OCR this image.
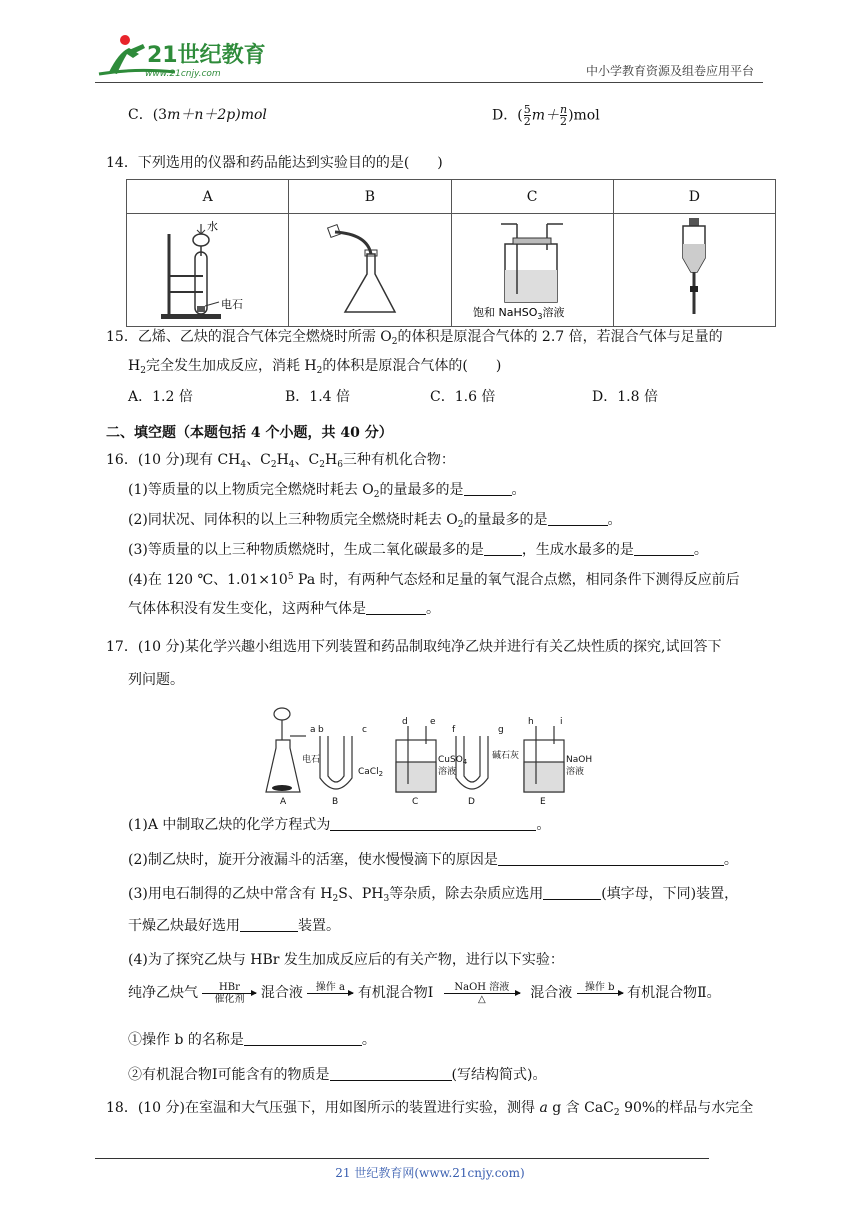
21世纪教育
www.21cnjy.com	中小学教育资源及组卷应用平台
C．(3m＋n＋2p)mol	D．( $\frac{5}{2} m+ \frac{n}{2} )mol$
14．下列选用的仪器和药品能达到实验目的的是(　　)
A	B	C	D

水
电石		饱和 NaHSO$_3$溶液

15．乙烯、乙炔的混合气体完全燃烧时所需 $O_2$的体积是原混合气体的 2.7 倍，若混合气体与足量的
$H_2$完全发生加成反应，消耗 $H_2$的体积是原混合气体的(　　)
A．1.2 倍	B．1.4 倍	C．1.6 倍	D．1.8 倍
二、填空题（本题包括 4 个小题，共 40 分）
16．(10 分)现有 $CH_4$、$C_2H_4$、$C_2H_6$三种有机化合物：
(1)等质量的以上物质完全燃烧时耗去 $O_2$的量最多的是	。
(2)同状况、同体积的以上三种物质完全燃烧时耗去 $O_2$的量最多的是	。
(3)等质量的以上三种物质燃烧时，生成二氧化碳最多的是	，生成水最多的是	。
(4)在 120 ℃、$1.01\times 10^5$ Pa 时，有两种气态烃和足量的氧气混合点燃，相同条件下测得反应前后
气体体积没有发生变化，这两种气体是	。
17．(10 分)某化学兴趣小组选用下列装置和药品制取纯净乙炔并进行有关乙炔性质的探究,试回答下
列问题。
a b	c
d e
f	g
h	i
电石
CaCl$_2$
CuSO$_4$
溶液
碱石灰	NaOH
溶液
A	B	C	D	E
(1)A 中制取乙炔的化学方程式为	。
(2)制乙炔时，旋开分液漏斗的活塞，使水慢慢滴下的原因是	。
(3)用电石制得的乙炔中常含有 $H_2S$、$PH_3$等杂质，除去杂质应选用	(填字母，下同)装置，
干燥乙炔最好选用	装置。
(4)为了探究乙炔与 HBr 发生加成反应后的有关产物，进行以下实验：
纯净乙炔气	HBr
催化剂	混合液	操作 a
有机混合物Ⅰ	NaOH 溶液
△	混合液	操作 b
有机混合物Ⅱ。
①操作 b 的名称是	。
②有机混合物Ⅰ可能含有的物质是	(写结构简式)。
18．(10 分)在室温和大气压强下，用如图所示的装置进行实验，测得 a g 含 CaC$_2$ 90%的样品与水完全
21 世纪教育网(www.21cnjy.com)
